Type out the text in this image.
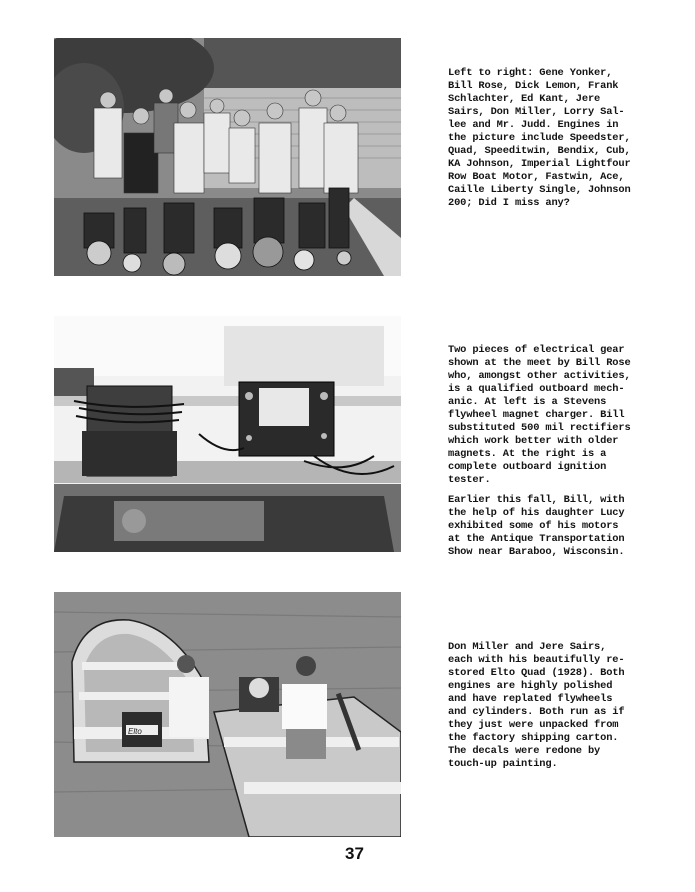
Left to right: Gene Yonker,
Bill Rose, Dick Lemon, Frank
Schlachter, Ed Kant, Jere
Sairs, Don Miller, Lorry Sal-
lee and Mr. Judd. Engines in
the picture include Speedster,
Quad, Speeditwin, Bendix, Cub,
KA Johnson, Imperial Lightfour
Row Boat Motor, Fastwin, Ace,
Caille Liberty Single, Johnson
200; Did I miss any?

Two pieces of electrical gear
shown at the meet by Bill Rose
who, amongst other activities,
is a qualified outboard mech-
anic. At left is a Stevens
flywheel magnet charger. Bill
substituted 500 mil rectifiers
which work better with older
magnets. At the right is a
complete outboard ignition
tester.

Earlier this fall, Bill, with
the help of his daughter Lucy
exhibited some of his motors
at the Antique Transportation
Show near Baraboo, Wisconsin.

Elto

Don Miller and Jere Sairs,
each with his beautifully re-
stored Elto Quad (1928). Both
engines are highly polished
and have replated flywheels
and cylinders. Both run as if
they just were unpacked from
the factory shipping carton.
The decals were redone by
touch-up painting.

37
